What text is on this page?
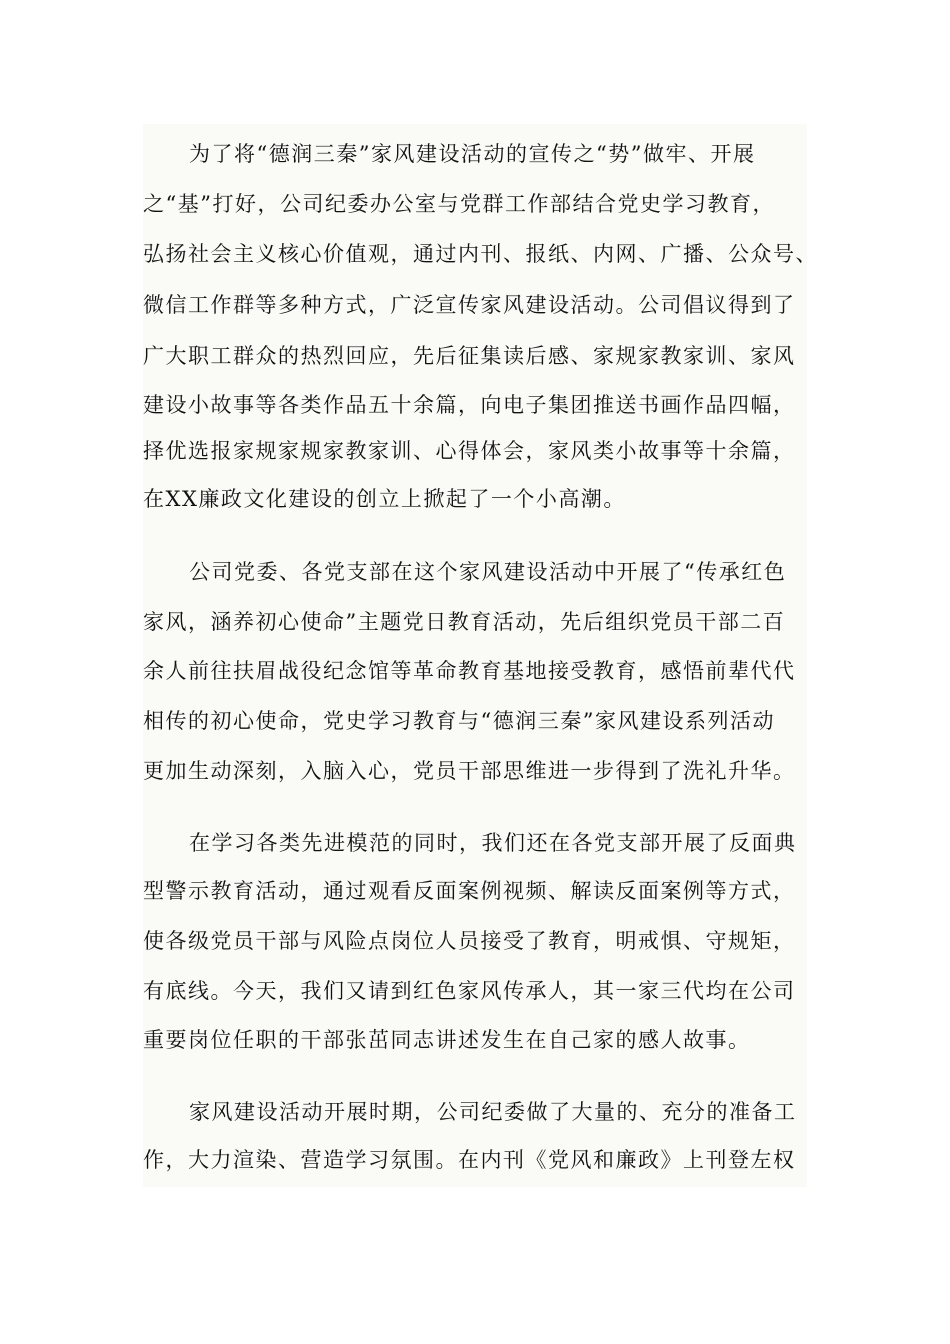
为了将“德润三秦”家风建设活动的宣传之“势”做牢、开展
之“基”打好，公司纪委办公室与党群工作部结合党史学习教育，
弘扬社会主义核心价值观，通过内刊、报纸、内网、广播、公众号、
微信工作群等多种方式，广泛宣传家风建设活动。公司倡议得到了
广大职工群众的热烈回应，先后征集读后感、家规家教家训、家风
建设小故事等各类作品五十余篇，向电子集团推送书画作品四幅，
择优选报家规家规家教家训、心得体会，家风类小故事等十余篇，
在XX廉政文化建设的创立上掀起了一个小高潮。
公司党委、各党支部在这个家风建设活动中开展了“传承红色
家风，涵养初心使命”主题党日教育活动，先后组织党员干部二百
余人前往扶眉战役纪念馆等革命教育基地接受教育，感悟前辈代代
相传的初心使命，党史学习教育与“德润三秦”家风建设系列活动
更加生动深刻，入脑入心，党员干部思维进一步得到了洗礼升华。
在学习各类先进模范的同时，我们还在各党支部开展了反面典
型警示教育活动，通过观看反面案例视频、解读反面案例等方式，
使各级党员干部与风险点岗位人员接受了教育，明戒惧、守规矩，
有底线。今天，我们又请到红色家风传承人，其一家三代均在公司
重要岗位任职的干部张茁同志讲述发生在自己家的感人故事。
家风建设活动开展时期，公司纪委做了大量的、充分的准备工
作，大力渲染、营造学习氛围。在内刊《党风和廉政》上刊登左权
